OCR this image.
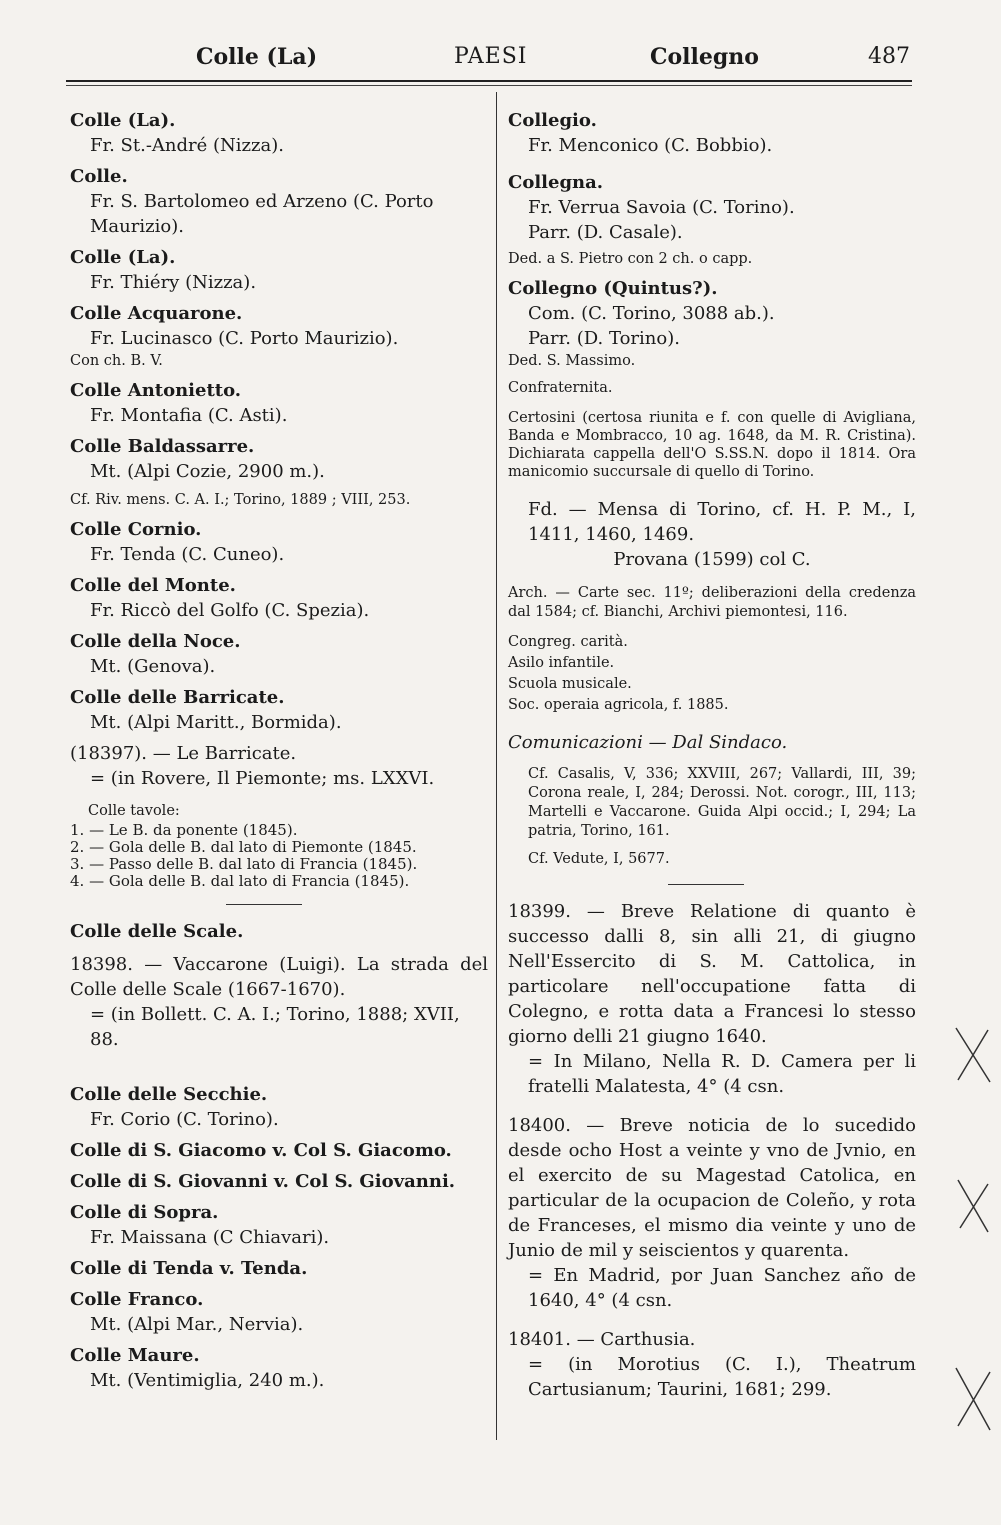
Colle (La)	PAESI	Collegno	487
Colle (La).
Fr. St.-André (Nizza).
Colle.
Fr. S. Bartolomeo ed Arzeno (C. Porto Maurizio).
Colle (La).
Fr. Thiéry (Nizza).
Colle Acquarone.
Fr. Lucinasco (C. Porto Maurizio).
Con ch. B. V.
Colle Antonietto.
Fr. Montafia (C. Asti).
Colle Baldassarre.
Mt. (Alpi Cozie, 2900 m.).
Cf. Riv. mens. C. A. I.; Torino, 1889 ; VIII, 253.
Colle Cornio.
Fr. Tenda (C. Cuneo).
Colle del Monte.
Fr. Riccò del Golfo (C. Spezia).
Colle della Noce.
Mt. (Genova).
Colle delle Barricate.
Mt. (Alpi Maritt., Bormida).
(18397). — Le Barricate.
= (in Rovere, Il Piemonte; ms. LXXVI.
Colle tavole:
1. — Le B. da ponente (1845).
2. — Gola delle B. dal lato di Piemonte (1845.
3. — Passo delle B. dal lato di Francia (1845).
4. — Gola delle B. dal lato di Francia (1845).
Colle delle Scale.
18398. — Vaccarone (Luigi). La strada del Colle delle Scale (1667-1670).
= (in Bollett. C. A. I.; Torino, 1888; XVII, 88.
Colle delle Secchie.
Fr. Corio (C. Torino).
Colle di S. Giacomo v. Col S. Giacomo.
Colle di S. Giovanni v. Col S. Giovanni.
Colle di Sopra.
Fr. Maissana (C Chiavari).
Colle di Tenda v. Tenda.
Colle Franco.
Mt. (Alpi Mar., Nervia).
Colle Maure.
Mt. (Ventimiglia, 240 m.).
Collegio.
Fr. Menconico (C. Bobbio).
Collegna.
Fr. Verrua Savoia (C. Torino).
Parr. (D. Casale).
Ded. a S. Pietro con 2 ch. o capp.
Collegno (Quintus?).
Com. (C. Torino, 3088 ab.).
Parr. (D. Torino).
Ded. S. Massimo.
Confraternita.
Certosini (certosa riunita e f. con quelle di Avigliana, Banda e Mombracco, 10 ag. 1648, da M. R. Cristina). Dichiarata cappella dell'O S.SS.N. dopo il 1814. Ora manicomio succursale di quello di Torino.
Fd. — Mensa di Torino, cf. H. P. M., I, 1411, 1460, 1469.
Provana (1599) col C.
Arch. — Carte sec. 11º; deliberazioni della credenza dal 1584; cf. Bianchi, Archivi piemontesi, 116.
Congreg. carità.
Asilo infantile.
Scuola musicale.
Soc. operaia agricola, f. 1885.
Comunicazioni — Dal Sindaco.
Cf. Casalis, V, 336; XXVIII, 267; Vallardi, III, 39; Corona reale, I, 284; Derossi. Not. corogr., III, 113; Martelli e Vaccarone. Guida Alpi occid.; I, 294; La patria, Torino, 161.
Cf. Vedute, I, 5677.
18399. — Breve Relatione di quanto è successo dalli 8, sin alli 21, di giugno Nell'Essercito di S. M. Cattolica, in particolare nell'occupatione fatta di Colegno, e rotta data a Francesi lo stesso giorno delli 21 giugno 1640.
= In Milano, Nella R. D. Camera per li fratelli Malatesta, 4° (4 csn.
18400. — Breve noticia de lo sucedido desde ocho Host a veinte y vno de Jvnio, en el exercito de su Magestad Catolica, en particular de la ocupacion de Coleño, y rota de Franceses, el mismo dia veinte y uno de Junio de mil y seiscientos y quarenta.
= En Madrid, por Juan Sanchez año de 1640, 4° (4 csn.
18401. — Carthusia.
= (in Morotius (C. I.), Theatrum Cartusianum; Taurini, 1681; 299.
